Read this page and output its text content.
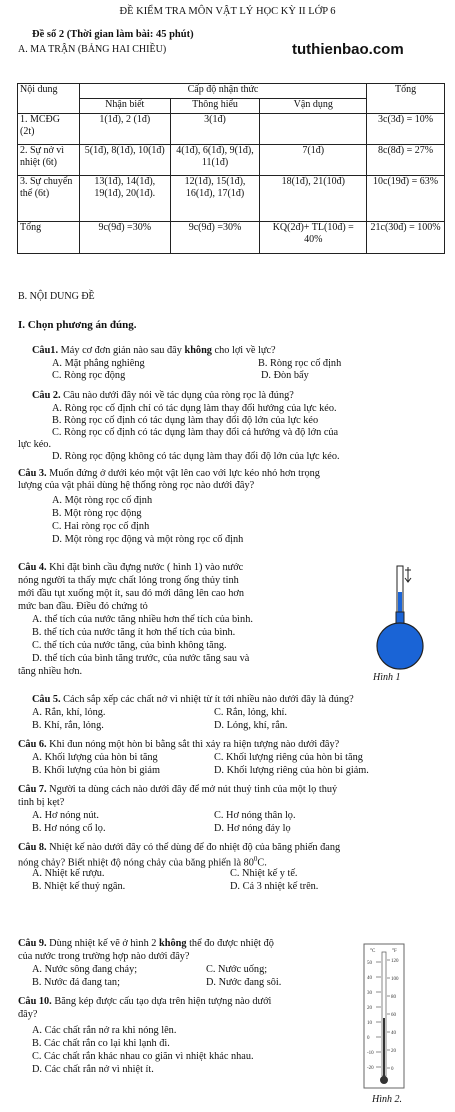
ĐỀ KIỂM TRA MÔN VẬT LÝ HỌC KỲ II LỚP 6
Đề số 2 (Thời gian làm bài: 45 phút)
A. MA TRẬN (BẢNG HAI CHIỀU)	tuthienbao.com
Nội dung	Cấp độ nhận thức			Tổng
	Nhận biết	Thông hiểu	Vận dụng	
1. MCĐG (2t)	1(1đ), 2 (1đ)	3(1đ)		3c(3đ) = 10%
2. Sự nở vì nhiệt (6t)	5(1đ), 8(1đ), 10(1đ)	4(1đ), 6(1đ), 9(1đ), 11(1đ)	7(1đ)	8c(8đ) = 27%
3. Sự chuyển thể (6t)	13(1đ), 14(1đ), 19(1đ), 20(1đ).	12(1đ), 15(1đ), 16(1đ), 17(1đ)	18(1đ), 21(10đ)	10c(19đ) = 63%
Tổng	9c(9đ) =30%	9c(9đ) =30%	KQ(2đ)+ TL(10đ) = 40%	21c(30đ) = 100%
B. NỘI DUNG ĐỀ
I. Chọn phương án đúng.
Câu1. Máy cơ đơn giản nào sau đây không cho lợi về lực?
A. Mặt phẳng nghiêng	B. Ròng rọc cố định
C. Ròng rọc động	D. Đòn bẩy
Câu 2. Câu nào dưới đây nói về tác dụng của ròng rọc là đúng?
A. Ròng rọc cố định chỉ có tác dụng làm thay đổi hướng của lực kéo.
B. Ròng rọc cố định có tác dụng làm thay đổi độ lớn của lực kéo
C. Ròng rọc cố định có tác dụng làm thay đổi cả hướng và độ lớn của
lực kéo.
D. Ròng rọc động không có tác dụng làm thay đổi độ lớn của lực kéo.
Câu 3. Muốn đứng ở dưới kéo một vật lên cao với lực kéo nhỏ hơn trọng
lượng của vật phải dùng hệ thống ròng rọc nào dưới đây?
A. Một ròng rọc cố định
B. Một ròng rọc động
C. Hai ròng rọc cố định
D. Một ròng rọc động và một ròng rọc cố định
Câu 4. Khi đặt bình cầu đựng nước ( hình 1) vào nước
nóng người ta thấy mực chất lỏng trong ống thủy tinh
mới đầu tụt xuống một ít, sau đó mới dâng lên cao hơn
mức ban đầu. Điều đó chứng tỏ
A. thể tích của nước tăng nhiều hơn thể tích của bình.
B. thể tích của nước tăng ít hơn thể tích của bình.
C. thể tích của nước tăng, của bình không tăng.
D. thể tích của bình tăng trước, của nước tăng sau và
tăng nhiều hơn.
Hình 1
Câu 5. Cách sắp xếp các chất nở vì nhiệt từ ít tới nhiều nào dưới đây là đúng?
A. Rắn, khí, lỏng.	C. Rắn, lỏng, khí.
B. Khí, rắn, lỏng.	D. Lỏng, khí, rắn.
Câu 6. Khi đun nóng một hòn bi bằng sắt thì xảy ra hiện tượng nào dưới đây?
A. Khối lượng của hòn bi tăng	C. Khối lượng riêng của hòn bi tăng
B. Khối lượng của hòn bi giảm	D. Khối lượng riêng của hòn bi giảm.
Câu 7. Người ta dùng cách nào dưới đây để mở nút thuỷ tinh của một lọ thuỷ
tinh bị kẹt?
A. Hơ nóng nút.	C. Hơ nóng thân lọ.
B. Hơ nóng cổ lọ.	D. Hơ nóng đáy lọ
Câu 8. Nhiệt kế nào dưới đây có thể dùng để đo nhiệt độ của băng phiến đang
nóng chảy? Biết nhiệt độ nóng chảy của băng phiến là $80^0C$.
A. Nhiệt kế rượu.	C. Nhiệt kế y tế.
B. Nhiệt kế thuỷ ngân.	D. Cả 3 nhiệt kế trên.
Câu 9. Dùng nhiệt kế vẽ ở hình 2 không thể đo được nhiệt độ
của nước trong trường hợp nào dưới đây?
A. Nước sông đang chảy;	C. Nước uống;
B. Nước đá đang tan;	D. Nước đang sôi.
Câu 10. Băng kép được cấu tạo dựa trên hiện tượng nào dưới
đây?
A. Các chất rắn nở ra khi nóng lên.
B. Các chất rắn co lại khi lạnh đi.
C. Các chất rắn khác nhau co giãn vì nhiệt khác nhau.
D. Các chất rắn nở vì nhiệt ít.
°C	°F
50
40
30
20
10
0
-10
-20
120
100
80
60
40
20
0
Hình 2.
